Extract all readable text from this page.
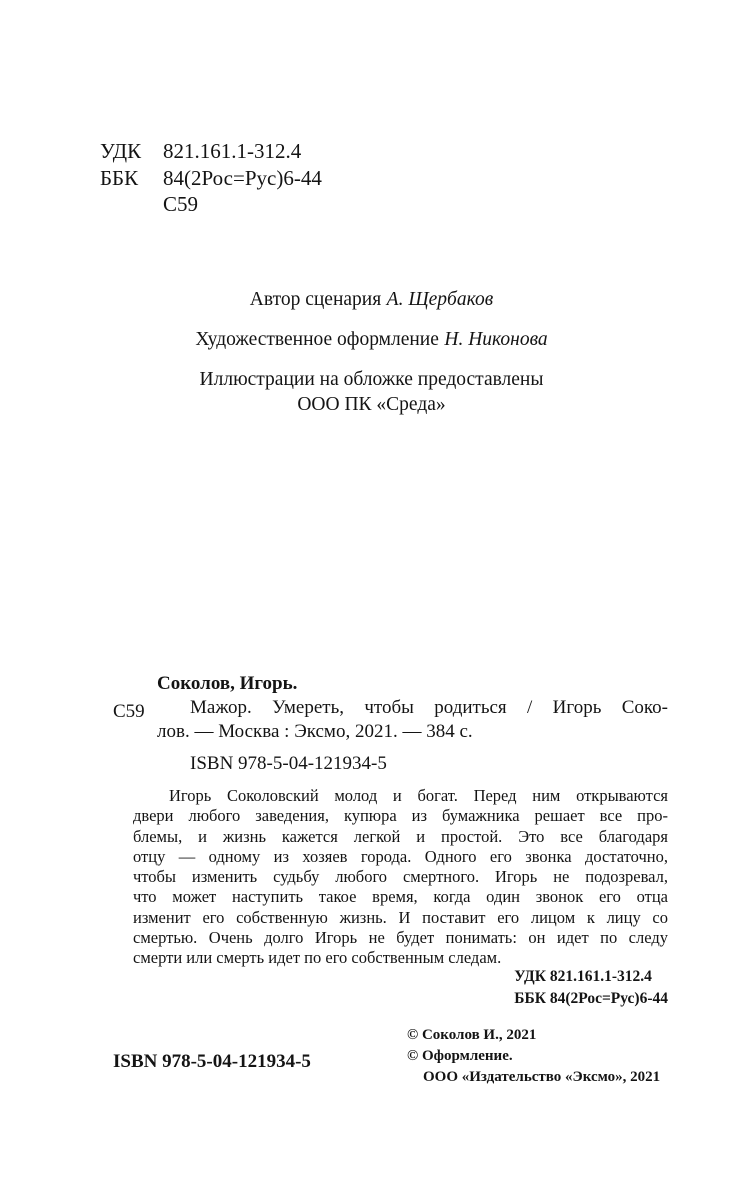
УДК	821.161.1-312.4
ББК	84(2Рос=Рус)6-44
С59
Автор сценария А. Щербаков
Художественное оформление Н. Никонова
Иллюстрации на обложке предоставлены
ООО ПК «Среда»
С59
Соколов, Игорь.
Мажор. Умереть, чтобы родиться / Игорь Соко-
лов. — Москва : Эксмо, 2021. — 384 с.
ISBN 978-5-04-121934-5
Игорь Соколовский молод и богат. Перед ним открываются
двери любого заведения, купюра из бумажника решает все про-
блемы, и жизнь кажется легкой и простой. Это все благодаря
отцу — одному из хозяев города. Одного его звонка достаточно,
чтобы изменить судьбу любого смертного. Игорь не подозревал,
что может наступить такое время, когда один звонок его отца
изменит его собственную жизнь. И поставит его лицом к лицу со
смертью. Очень долго Игорь не будет понимать: он идет по следу
смерти или смерть идет по его собственным следам.
УДК 821.161.1-312.4
ББК 84(2Рос=Рус)6-44
ISBN 978-5-04-121934-5
© Соколов И., 2021
© Оформление.
ООО «Издательство «Эксмо», 2021
